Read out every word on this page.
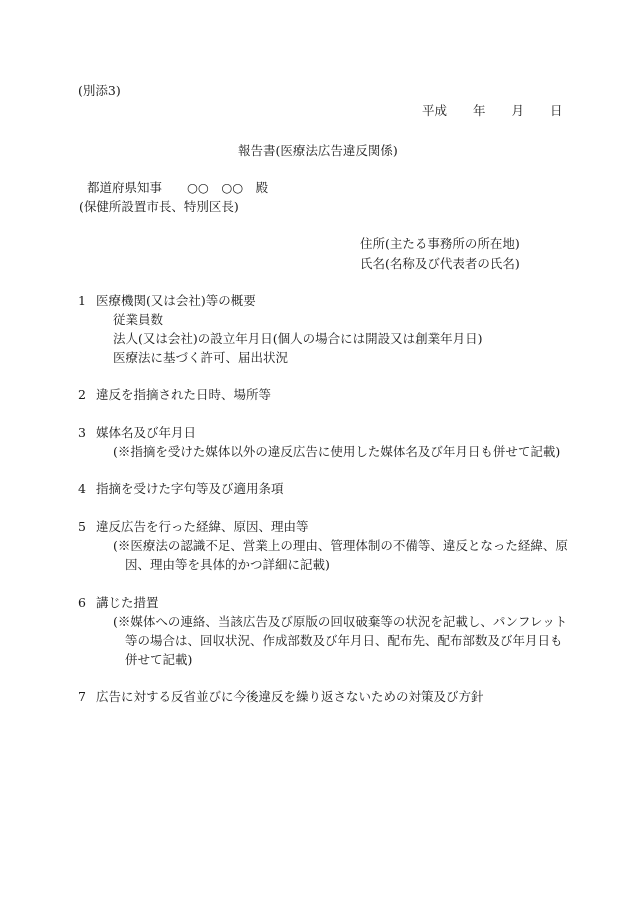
(別添3)
平成 年 月 日
報告書(医療法広告違反関係)
都道府県知事　　○○　○○　殿
(保健所設置市長、特別区長)
住所(主たる事務所の所在地)
氏名(名称及び代表者の氏名)
1 医療機関(又は会社)等の概要
従業員数
法人(又は会社)の設立年月日(個人の場合には開設又は創業年月日)
医療法に基づく許可、届出状況
2 違反を指摘された日時、場所等
3 媒体名及び年月日
(※指摘を受けた媒体以外の違反広告に使用した媒体名及び年月日も併せて記載)
4 指摘を受けた字句等及び適用条項
5 違反広告を行った経緯、原因、理由等
(※医療法の認識不足、営業上の理由、管理体制の不備等、違反となった経緯、原
因、理由等を具体的かつ詳細に記載)
6 講じた措置
(※媒体への連絡、当該広告及び原版の回収破棄等の状況を記載し、パンフレット
等の場合は、回収状況、作成部数及び年月日、配布先、配布部数及び年月日も
併せて記載)
7 広告に対する反省並びに今後違反を繰り返さないための対策及び方針
